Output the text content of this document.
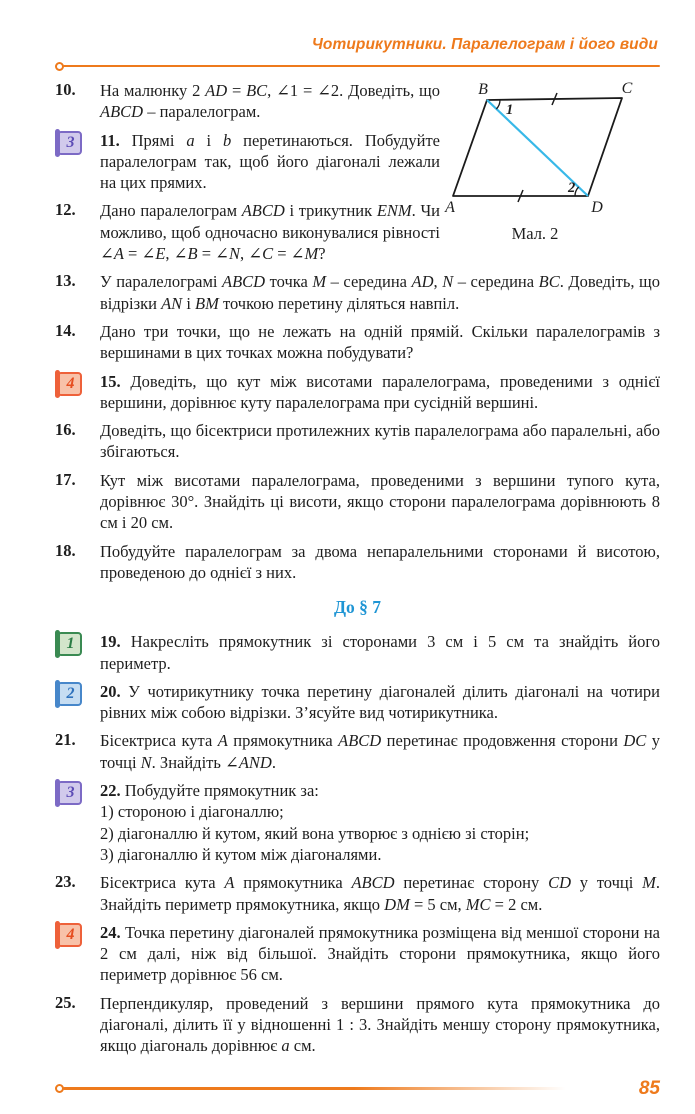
Чотирикутники. Паралелограм і його види
10.	На малюнку 2 AD = BC, ∠1 = ∠2. Доведіть, що ABCD – паралелограм.
3 11. Прямі a і b перетинаються. Побудуйте паралелограм так, щоб його діагоналі лежали на цих прямих.
12.	Дано паралелограм ABCD і трикутник ENM. Чи можливо, щоб одночасно виконувалися рівності ∠A = ∠E, ∠B = ∠N, ∠C = ∠M?
B	C
A	D
1
2
Мал. 2
13.	У паралелограмі ABCD точка M – середина AD, N – середина BC. Доведіть, що відрізки AN і BM точкою перетину діляться навпіл.
14.	Дано три точки, що не лежать на одній прямій. Скільки паралелограмів з вершинами в цих точках можна побудувати?
4 15. Доведіть, що кут між висотами паралелограма, проведеними з однієї вершини, дорівнює куту паралелограма при сусідній вершині.
16.	Доведіть, що бісектриси протилежних кутів паралелограма або паралельні, або збігаються.
17.	Кут між висотами паралелограма, проведеними з вершини тупого кута, дорівнює 30°. Знайдіть ці висоти, якщо сторони паралелограма дорівнюють 8 см і 20 см.
18.	Побудуйте паралелограм за двома непаралельними сторонами й висотою, проведеною до однієї з них.
До § 7
1 19. Накресліть прямокутник зі сторонами 3 см і 5 см та знайдіть його периметр.
2 20. У чотирикутнику точка перетину діагоналей ділить діагоналі на чотири рівних між собою відрізки. З’ясуйте вид чотирикутника.
21.	Бісектриса кута A прямокутника ABCD перетинає продовження сторони DC у точці N. Знайдіть ∠AND.
3 22. Побудуйте прямокутник за:
1) стороною і діагоналлю;
2) діагоналлю й кутом, який вона утворює з однією зі сторін;
3) діагоналлю й кутом між діагоналями.
23.	Бісектриса кута A прямокутника ABCD перетинає сторону CD у точці M. Знайдіть периметр прямокутника, якщо DM = 5 см, MC = 2 см.
4 24. Точка перетину діагоналей прямокутника розміщена від меншої сторони на 2 см далі, ніж від більшої. Знайдіть сторони прямокутника, якщо його периметр дорівнює 56 см.
25.	Перпендикуляр, проведений з вершини прямого кута прямокутника до діагоналі, ділить її у відношенні 1 : 3. Знайдіть меншу сторону прямокутника, якщо діагональ дорівнює a см.
85
